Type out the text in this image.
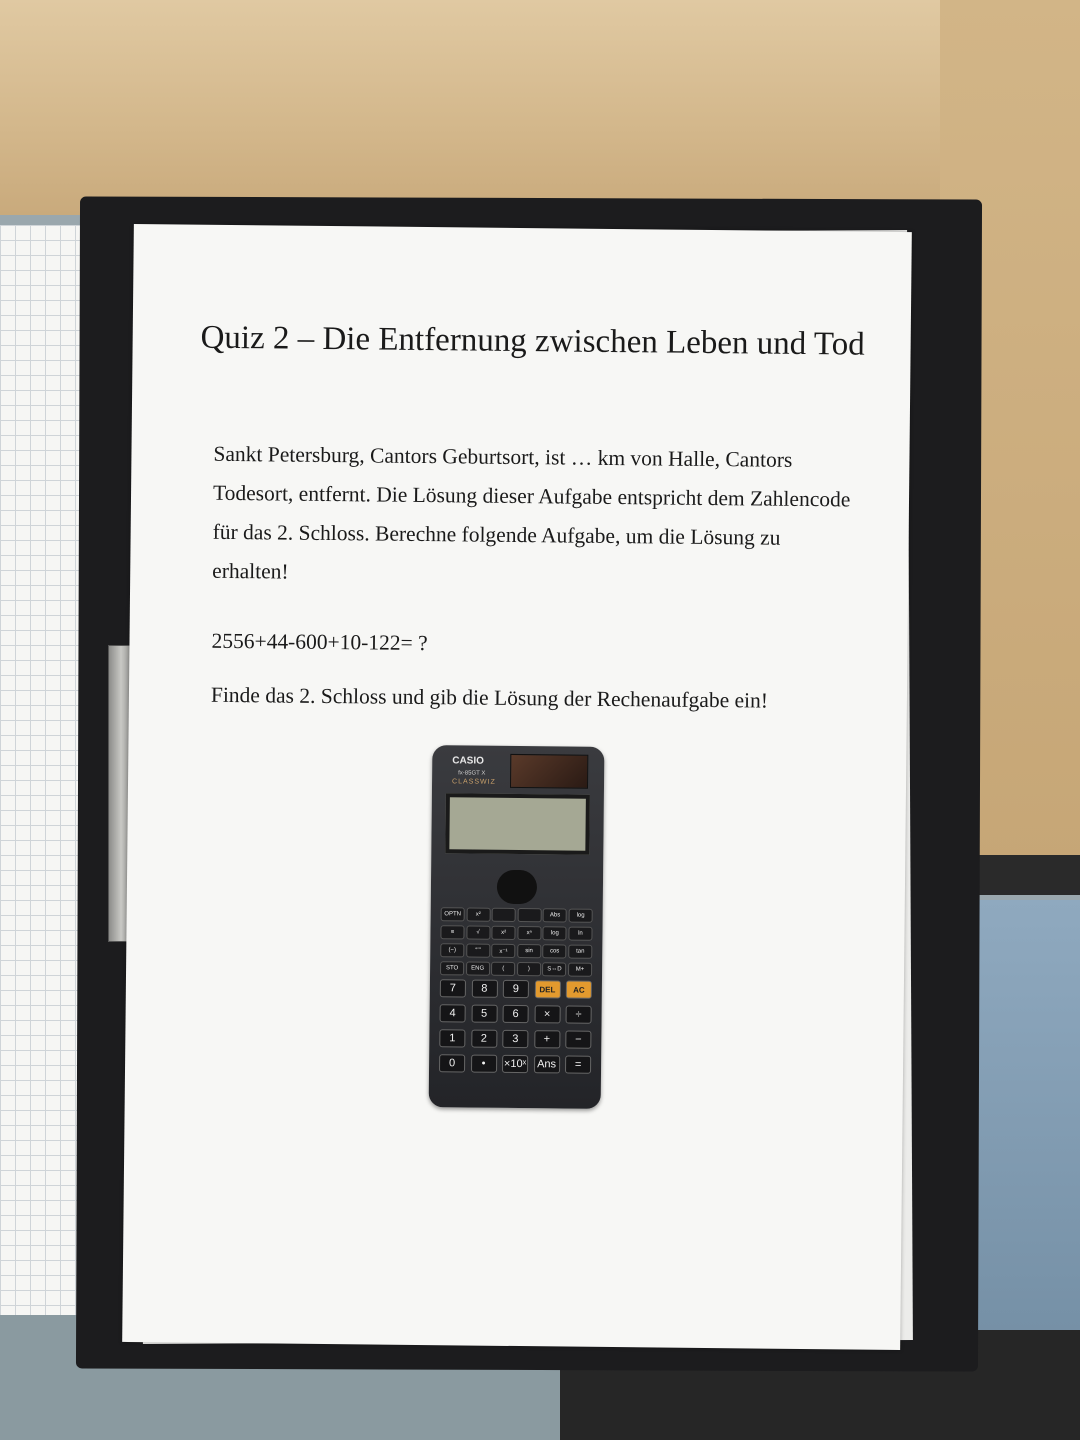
Quiz 2 – Die Entfernung zwischen Leben und Tod
Sankt Petersburg, Cantors Geburtsort, ist … km von Halle, Cantors Todesort, entfernt. Die Lösung dieser Aufgabe entspricht dem Zahlencode für das 2. Schloss. Berechne folgende Aufgabe, um die Lösung zu erhalten!
2556+44-600+10-122= ?
Finde das 2. Schloss und gib die Lösung der Rechenaufgabe ein!
CASIO
fx-85GT X
CLASSWIZ
OPTN	x²	Abs	log
≡	√	x²	xⁿ	log	ln
(−)	°'"	x⁻¹	sin	cos	tan
STO	ENG	(	)	S⇔D	M+
7	8	9	DEL	AC
4	5	6	×	÷
1	2	3	+	−
0	•	×10ˣ Ans	=
